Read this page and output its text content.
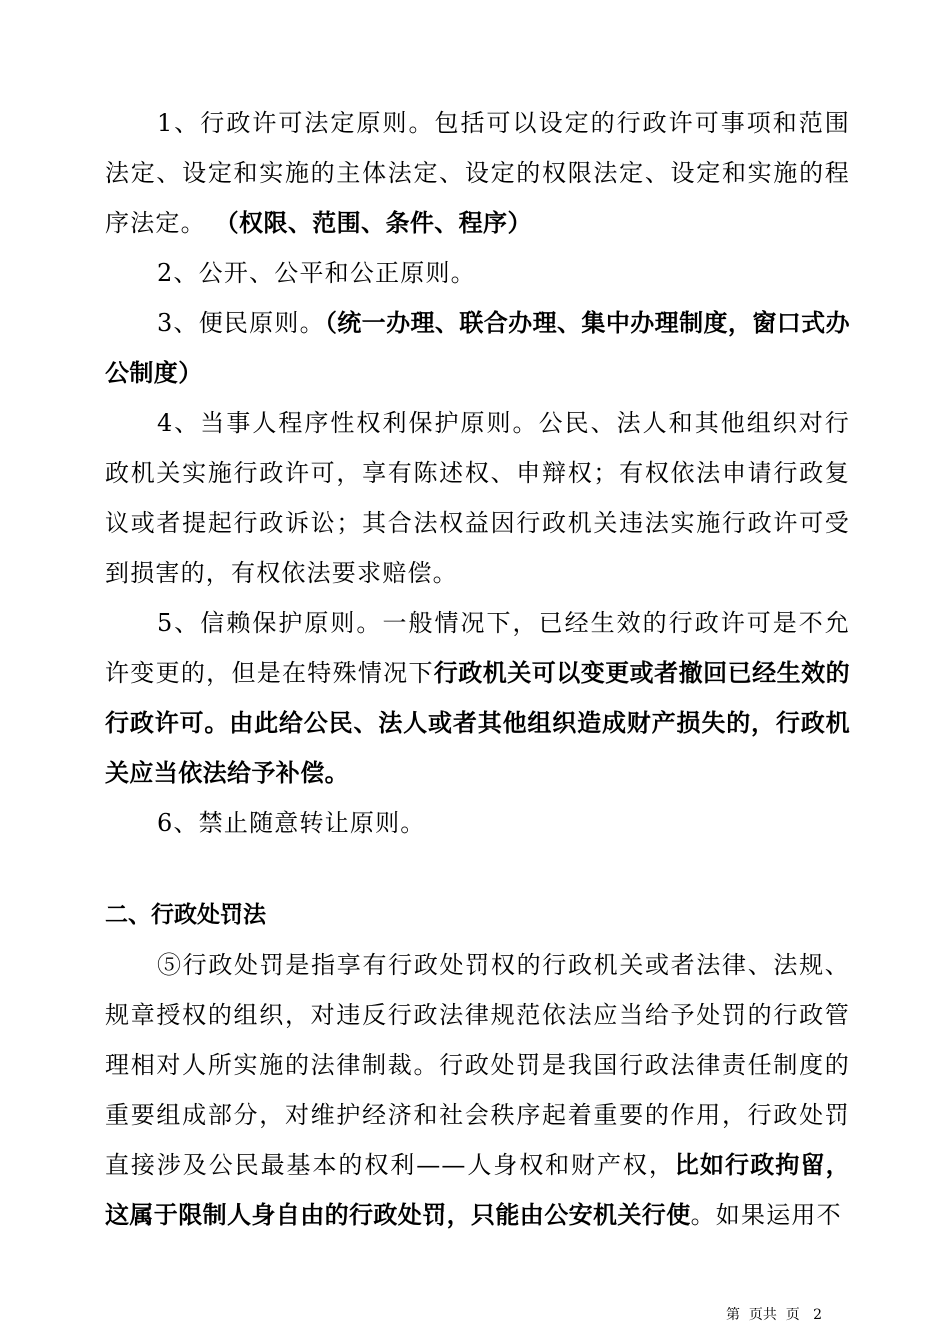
1、行政许可法定原则。包括可以设定的行政许可事项和范围法定、设定和实施的主体法定、设定的权限法定、设定和实施的程序法定。 （权限、范围、条件、程序）

2、公开、公平和公正原则。

3、便民原则。（统一办理、联合办理、集中办理制度，窗口式办公制度）

4、当事人程序性权利保护原则。公民、法人和其他组织对行政机关实施行政许可，享有陈述权、申辩权；有权依法申请行政复议或者提起行政诉讼；其合法权益因行政机关违法实施行政许可受到损害的，有权依法要求赔偿。

5、信赖保护原则。一般情况下，已经生效的行政许可是不允许变更的，但是在特殊情况下行政机关可以变更或者撤回已经生效的行政许可。由此给公民、法人或者其他组织造成财产损失的，行政机关应当依法给予补偿。

6、禁止随意转让原则。

二、行政处罚法

⑤行政处罚是指享有行政处罚权的行政机关或者法律、法规、规章授权的组织，对违反行政法律规范依法应当给予处罚的行政管理相对人所实施的法律制裁。行政处罚是我国行政法律责任制度的重要组成部分，对维护经济和社会秩序起着重要的作用，行政处罚直接涉及公民最基本的权利——人身权和财产权，比如行政拘留，这属于限制人身自由的行政处罚，只能由公安机关行使。如果运用不

第  页共  页   2
